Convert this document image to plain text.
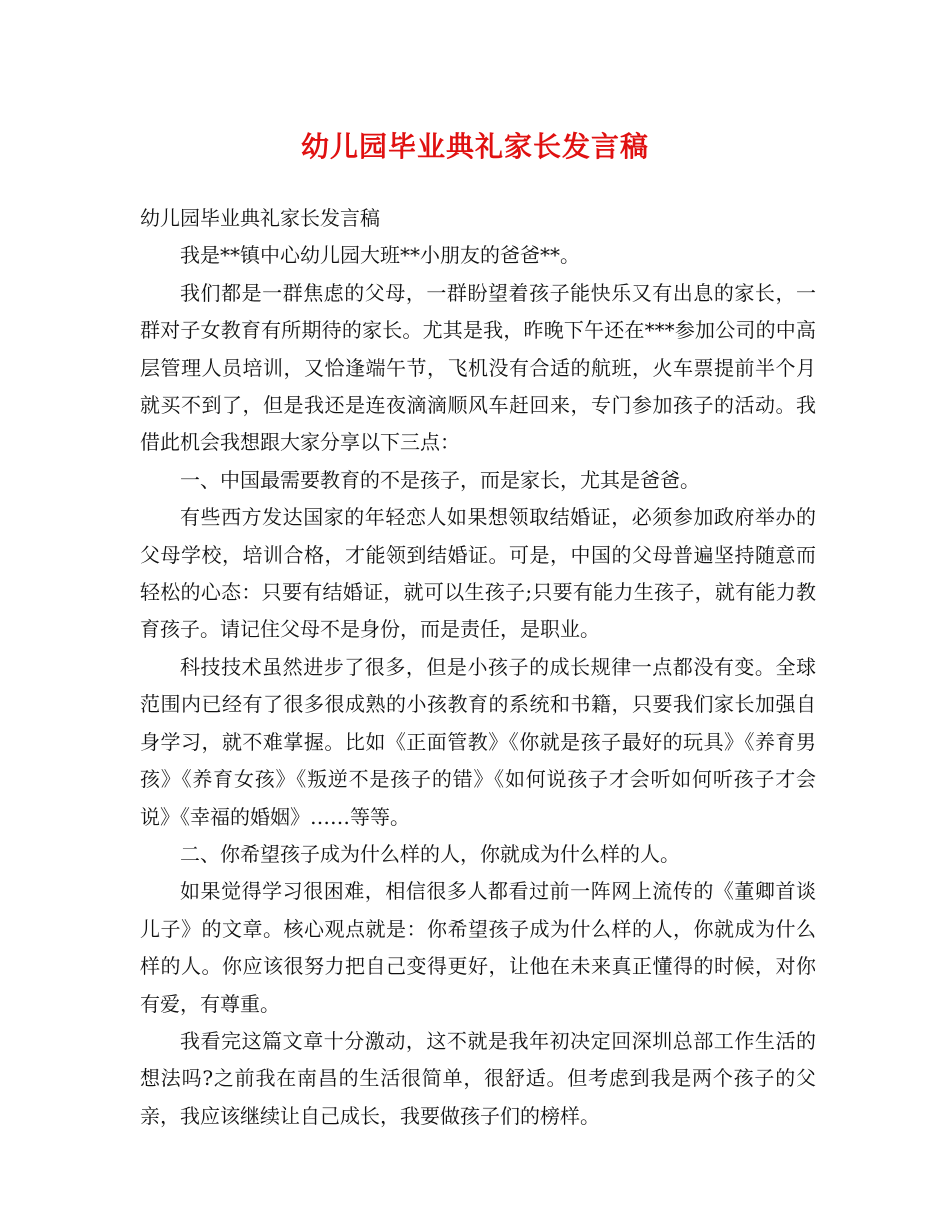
幼儿园毕业典礼家长发言稿

幼儿园毕业典礼家长发言稿

我是**镇中心幼儿园大班**小朋友的爸爸**。

我们都是一群焦虑的父母，一群盼望着孩子能快乐又有出息的家长，一群对子女教育有所期待的家长。尤其是我，昨晚下午还在***参加公司的中高层管理人员培训，又恰逢端午节，飞机没有合适的航班，火车票提前半个月就买不到了，但是我还是连夜滴滴顺风车赶回来，专门参加孩子的活动。我借此机会我想跟大家分享以下三点：

一、中国最需要教育的不是孩子，而是家长，尤其是爸爸。

有些西方发达国家的年轻恋人如果想领取结婚证，必须参加政府举办的父母学校，培训合格，才能领到结婚证。可是，中国的父母普遍坚持随意而轻松的心态：只要有结婚证，就可以生孩子;只要有能力生孩子，就有能力教育孩子。请记住父母不是身份，而是责任，是职业。

科技技术虽然进步了很多，但是小孩子的成长规律一点都没有变。全球范围内已经有了很多很成熟的小孩教育的系统和书籍，只要我们家长加强自身学习，就不难掌握。比如《正面管教》《你就是孩子最好的玩具》《养育男孩》《养育女孩》《叛逆不是孩子的错》《如何说孩子才会听如何听孩子才会说》《幸福的婚姻》……等等。

二、你希望孩子成为什么样的人，你就成为什么样的人。

如果觉得学习很困难，相信很多人都看过前一阵网上流传的《董卿首谈儿子》的文章。核心观点就是：你希望孩子成为什么样的人，你就成为什么样的人。你应该很努力把自己变得更好，让他在未来真正懂得的时候，对你有爱，有尊重。

我看完这篇文章十分激动，这不就是我年初决定回深圳总部工作生活的想法吗?之前我在南昌的生活很简单，很舒适。但考虑到我是两个孩子的父亲，我应该继续让自己成长，我要做孩子们的榜样。
